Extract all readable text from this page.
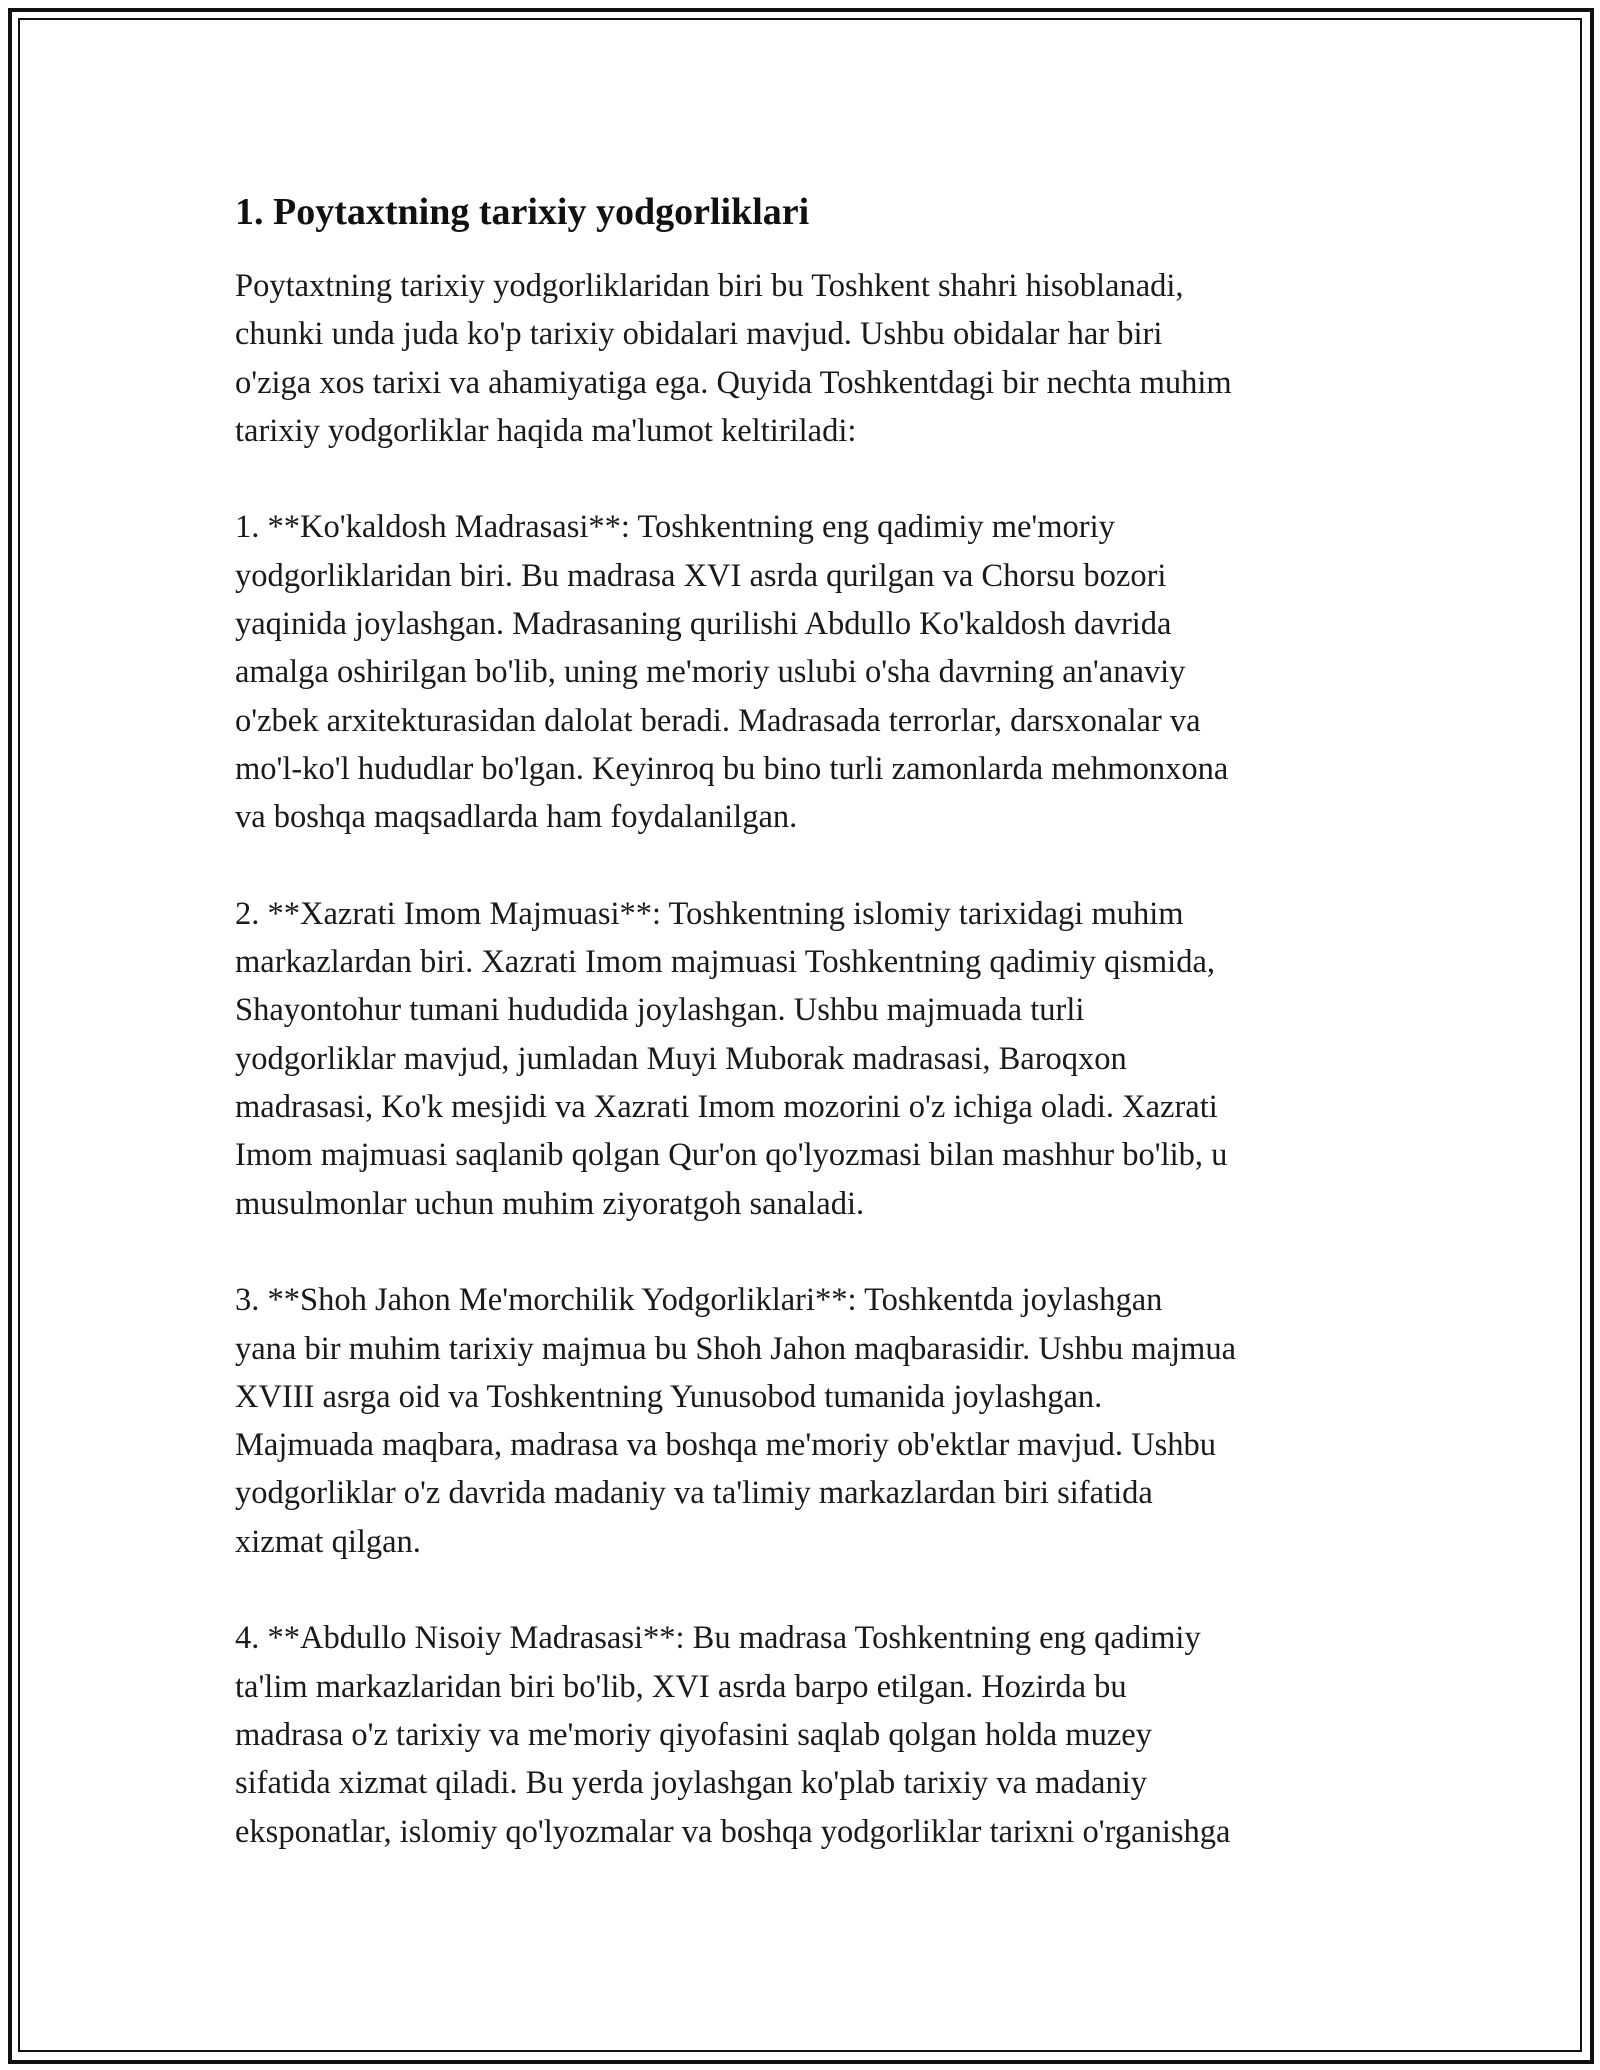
1. Poytaxtning tarixiy yodgorliklari
Poytaxtning tarixiy yodgorliklaridan biri bu Toshkent shahri hisoblanadi,
chunki unda juda ko'p tarixiy obidalari mavjud. Ushbu obidalar har biri
o'ziga xos tarixi va ahamiyatiga ega. Quyida Toshkentdagi bir nechta muhim
tarixiy yodgorliklar haqida ma'lumot keltiriladi:
1. **Ko'kaldosh Madrasasi**: Toshkentning eng qadimiy me'moriy
yodgorliklaridan biri. Bu madrasa XVI asrda qurilgan va Chorsu bozori
yaqinida joylashgan. Madrasaning qurilishi Abdullo Ko'kaldosh davrida
amalga oshirilgan bo'lib, uning me'moriy uslubi o'sha davrning an'anaviy
o'zbek arxitekturasidan dalolat beradi. Madrasada terrorlar, darsxonalar va
mo'l-ko'l hududlar bo'lgan. Keyinroq bu bino turli zamonlarda mehmonxona
va boshqa maqsadlarda ham foydalanilgan.
2. **Xazrati Imom Majmuasi**: Toshkentning islomiy tarixidagi muhim
markazlardan biri. Xazrati Imom majmuasi Toshkentning qadimiy qismida,
Shayontohur tumani hududida joylashgan. Ushbu majmuada turli
yodgorliklar mavjud, jumladan Muyi Muborak madrasasi, Baroqxon
madrasasi, Ko'k mesjidi va Xazrati Imom mozorini o'z ichiga oladi. Xazrati
Imom majmuasi saqlanib qolgan Qur'on qo'lyozmasi bilan mashhur bo'lib, u
musulmonlar uchun muhim ziyoratgoh sanaladi.
3. **Shoh Jahon Me'morchilik Yodgorliklari**: Toshkentda joylashgan
yana bir muhim tarixiy majmua bu Shoh Jahon maqbarasidir. Ushbu majmua
XVIII asrga oid va Toshkentning Yunusobod tumanida joylashgan.
Majmuada maqbara, madrasa va boshqa me'moriy ob'ektlar mavjud. Ushbu
yodgorliklar o'z davrida madaniy va ta'limiy markazlardan biri sifatida
xizmat qilgan.
4. **Abdullo Nisoiy Madrasasi**: Bu madrasa Toshkentning eng qadimiy
ta'lim markazlaridan biri bo'lib, XVI asrda barpo etilgan. Hozirda bu
madrasa o'z tarixiy va me'moriy qiyofasini saqlab qolgan holda muzey
sifatida xizmat qiladi. Bu yerda joylashgan ko'plab tarixiy va madaniy
eksponatlar, islomiy qo'lyozmalar va boshqa yodgorliklar tarixni o'rganishga
